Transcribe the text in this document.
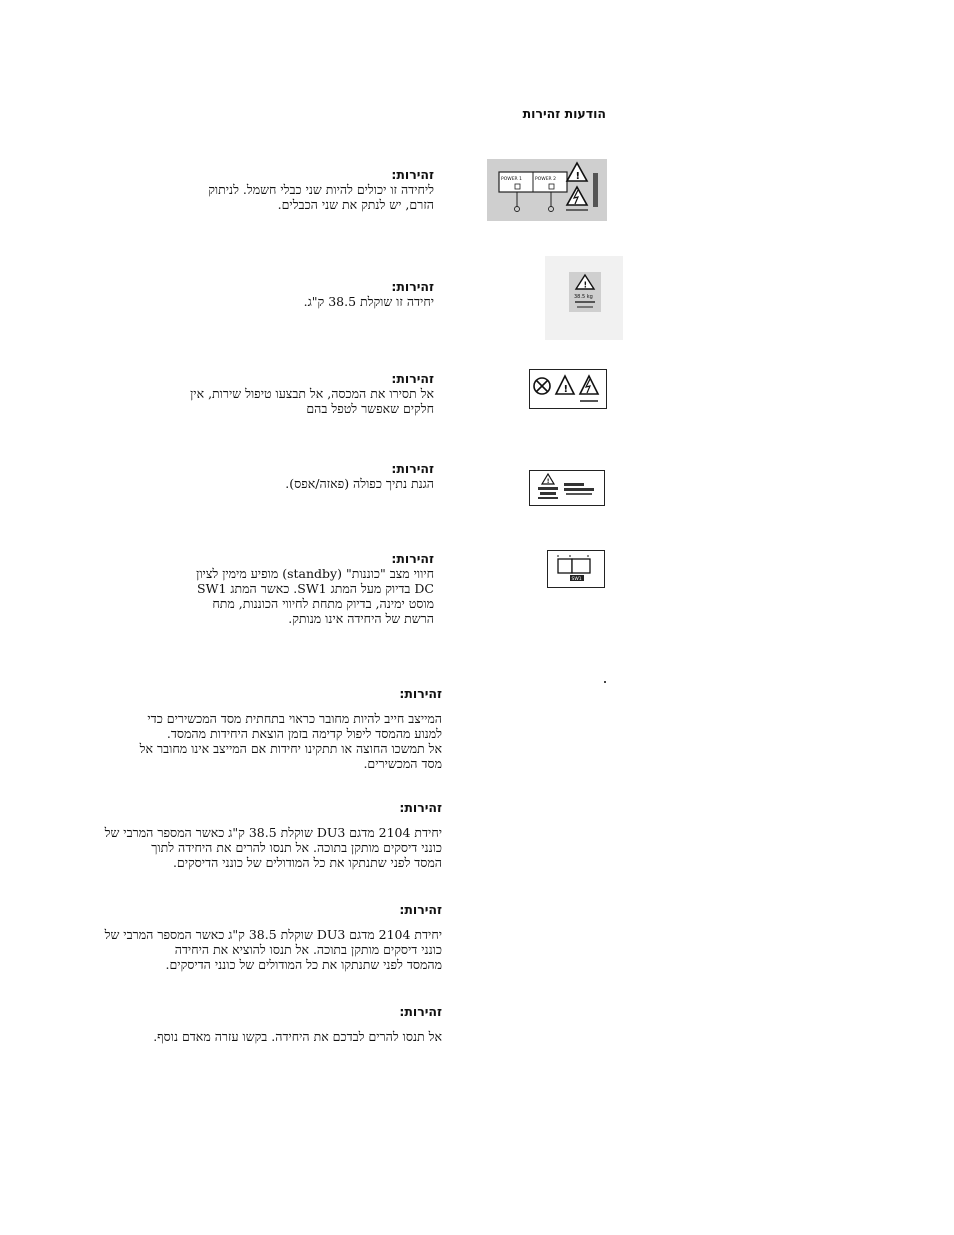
הודעות זהירות
זהירות:
ליחידה זו יכולים להיות שני כבלי חשמל. לניתוק
הזרם, יש לנתק את שני הכבלים.
זהירות:
יחידה זו שוקלת 38.5 ק"ג.
זהירות:
אל תסירו את המכסה, אל תבצעו טיפול שירות, אין
חלקים שאפשר לטפל בהם
זהירות:
הגנת נתיך כפולה (פאזה/אפס).
זהירות:
חיווי מצב "כוננות" (standby) מופיע מימין לציון
DC בדיוק מעל המתג SW1. כאשר המתג SW1
מוסט ימינה, בדיוק מתחת לחיווי הכוננות, מתח
הרשת של היחידה אינו מנותק.
זהירות:
המייצב חייב להיות מחובר כראוי בתחתית מסד המכשירים כדי
למנוע מהמסד ליפול קדימה בזמן הוצאת היחידות מהמסד.
אל תמשכו החוצה או תתקינו יחידות אם המייצב אינו מחובר אל
מסד המכשירים.
זהירות:
יחידת 2104 מדגם DU3 שוקלת 38.5 ק"ג כאשר המספר המרבי של
כונני דיסקים מותקן בתוכה. אל תנסו להרים את היחידה לתוך
המסד לפני שתנתקו את כל המודולים של כונני הדיסקים.
זהירות:
יחידת 2104 מדגם DU3 שוקלת 38.5 ק"ג כאשר המספר המרבי של
כונני דיסקים מותקן בתוכה. אל תנסו להוציא את היחידה
מהמסד לפני שתנתקו את כל המודולים של כונני הדיסקים.
זהירות:
אל תנסו להרים לבדכם את היחידה. בקשו עזרה מאדם נוסף.
POWER 1	POWER 2 !
!
38.5 kg
!
!
SW1
